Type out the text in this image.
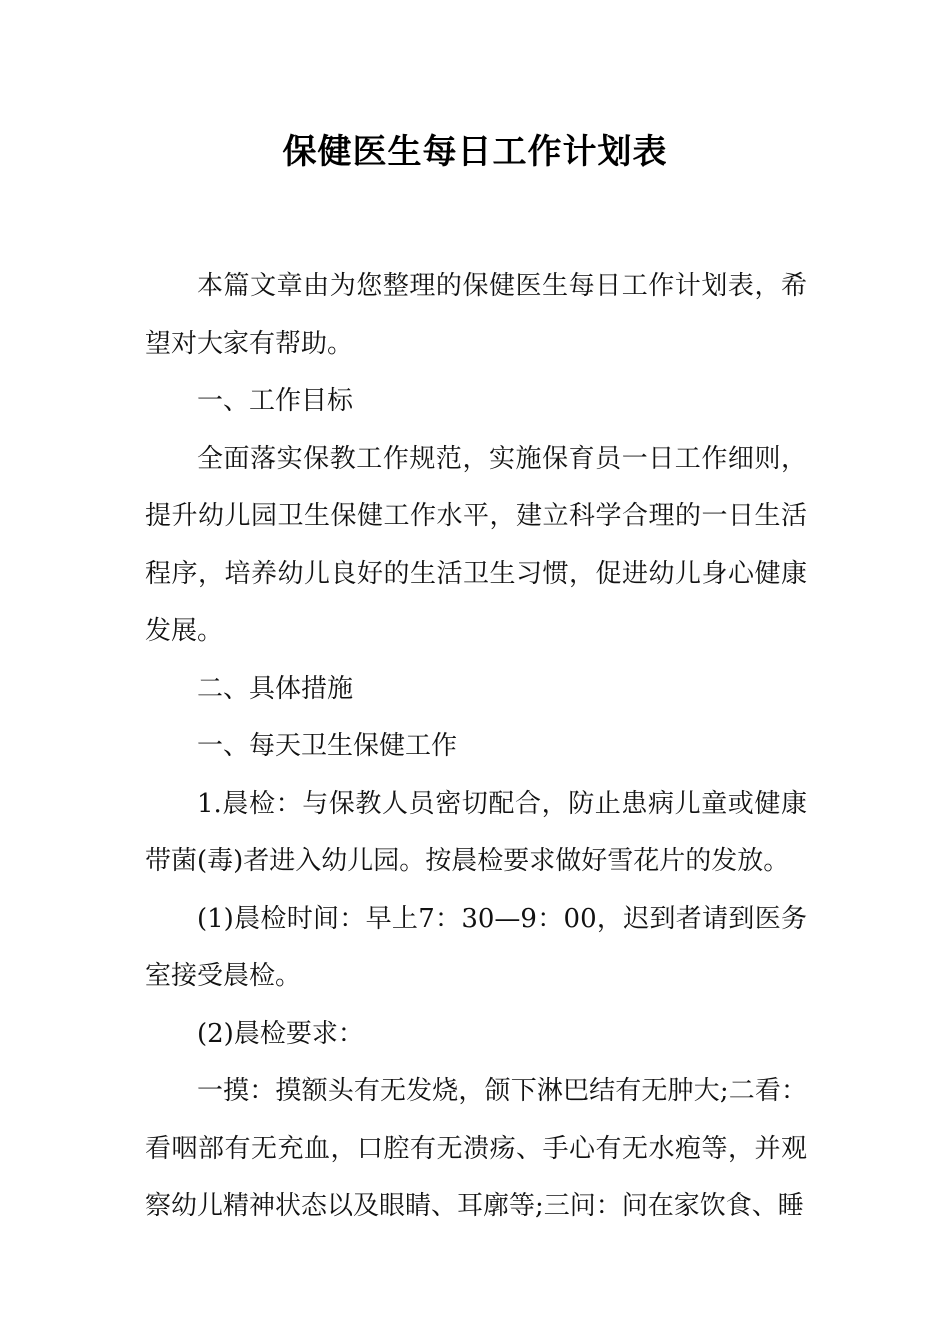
保健医生每日工作计划表

本篇文章由为您整理的保健医生每日工作计划表，希望对大家有帮助。

一、工作目标

全面落实保教工作规范，实施保育员一日工作细则，提升幼儿园卫生保健工作水平，建立科学合理的一日生活程序，培养幼儿良好的生活卫生习惯，促进幼儿身心健康发展。

二、具体措施

一、每天卫生保健工作

1.晨检：与保教人员密切配合，防止患病儿童或健康带菌(毒)者进入幼儿园。按晨检要求做好雪花片的发放。

(1)晨检时间：早上7：30—9：00，迟到者请到医务室接受晨检。

(2)晨检要求：

一摸：摸额头有无发烧，颌下淋巴结有无肿大;二看：看咽部有无充血，口腔有无溃疡、手心有无水疱等，并观察幼儿精神状态以及眼睛、耳廓等;三问：问在家饮食、睡
